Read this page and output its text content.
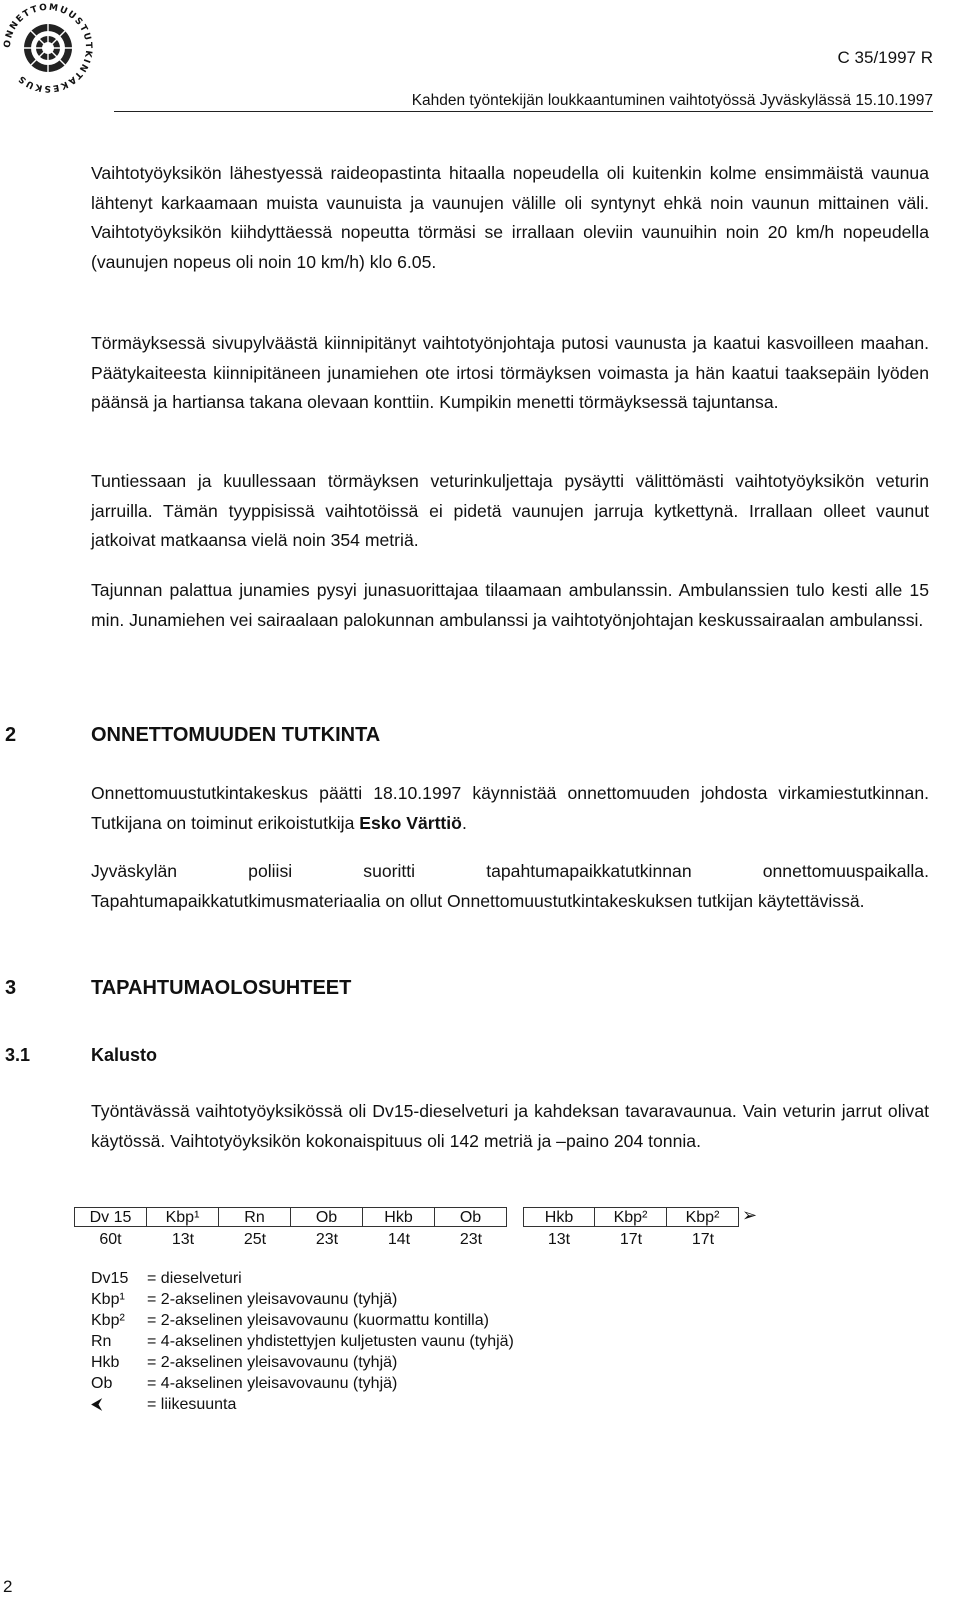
ONNETTOMUUSTUTKINTAKESKUS
C 35/1997 R
Kahden työntekijän loukkaantuminen vaihtotyössä Jyväskylässä 15.10.1997

Vaihtotyöyksikön lähestyessä raideopastinta hitaalla nopeudella oli kuitenkin kolme ensimmäistä vaunua lähtenyt karkaamaan muista vaunuista ja vaunujen välille oli syntynyt ehkä noin vaunun mittainen väli. Vaihtotyöyksikön kiihdyttäessä nopeutta törmäsi se irrallaan oleviin vaunuihin noin 20 km/h nopeudella (vaunujen nopeus oli noin 10 km/h) klo 6.05.

Törmäyksessä sivupylväästä kiinnipitänyt vaihtotyönjohtaja putosi vaunusta ja kaatui kasvoilleen maahan. Päätykaiteesta kiinnipitäneen junamiehen ote irtosi törmäyksen voimasta ja hän kaatui taaksepäin lyöden päänsä ja hartiansa takana olevaan konttiin. Kumpikin menetti törmäyksessä tajuntansa.

Tuntiessaan ja kuullessaan törmäyksen veturinkuljettaja pysäytti välittömästi vaihtotyöyksikön veturin jarruilla. Tämän tyyppisissä vaihtotöissä ei pidetä vaunujen jarruja kytkettynä. Irrallaan olleet vaunut jatkoivat matkaansa vielä noin 354 metriä.

Tajunnan palattua junamies pysyi junasuorittajaa tilaamaan ambulanssin. Ambulanssien tulo kesti alle 15 min. Junamiehen vei sairaalaan palokunnan ambulanssi ja vaihtotyönjohtajan keskussairaalan ambulanssi.

2	ONNETTOMUUDEN TUTKINTA

Onnettomuustutkintakeskus päätti 18.10.1997 käynnistää onnettomuuden johdosta virkamiestutkinnan. Tutkijana on toiminut erikoistutkija Esko Värttiö.

Jyväskylän poliisi suoritti tapahtumapaikkatutkinnan onnettomuuspaikalla. Tapahtumapaikkatutkimusmateriaalia on ollut Onnettomuustutkintakeskuksen tutkijan käytettävissä.

3	TAPAHTUMAOLOSUHTEET
3.1	Kalusto

Työntävässä vaihtotyöyksikössä oli Dv15-dieselveturi ja kahdeksan tavaravaunua. Vain veturin jarrut olivat käytössä. Vaihtotyöyksikön kokonaispituus oli 142 metriä ja –paino 204 tonnia.

Dv 15	Kbp¹	Rn	Ob	Hkb	Ob	Hkb	Kbp²	Kbp²	➢
60t	13t	25t	23t	14t	23t	13t	17t	17t
Dv15	= dieselveturi
Kbp¹	= 2-akselinen yleisavovaunu (tyhjä)
Kbp²	= 2-akselinen yleisavovaunu (kuormattu kontilla)
Rn	= 4-akselinen yhdistettyjen kuljetusten vaunu (tyhjä)
Hkb	= 2-akselinen yleisavovaunu (tyhjä)
Ob	= 4-akselinen yleisavovaunu (tyhjä)
⮜	= liikesuunta
2
